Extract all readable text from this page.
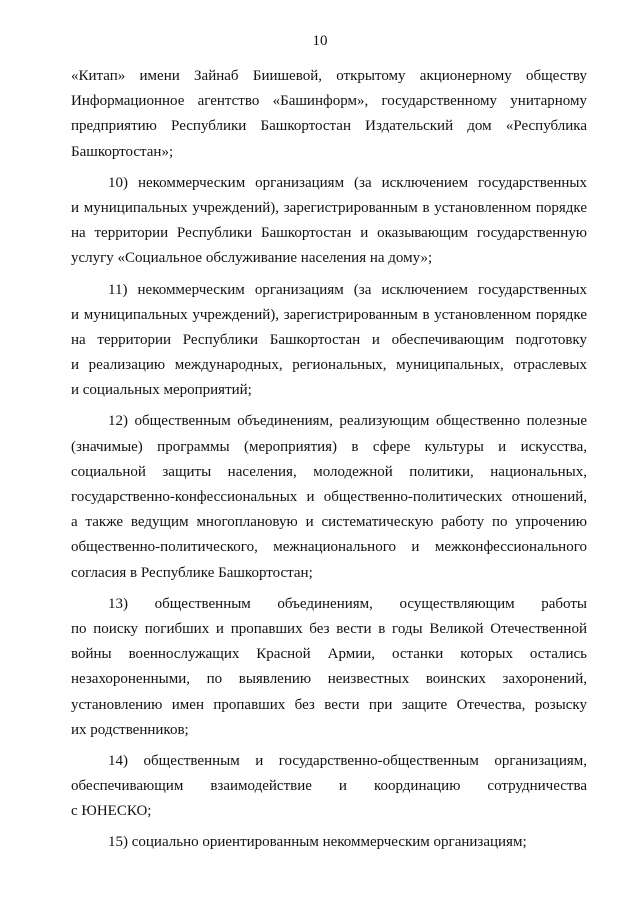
10
«Китап» имени Зайнаб Биишевой, открытому акционерному обществу
Информационное агентство «Башинформ», государственному унитарному
предприятию Республики Башкортостан Издательский дом «Республика
Башкортостан»;
10) некоммерческим организациям (за исключением государственных
и муниципальных учреждений), зарегистрированным в установленном порядке
на территории Республики Башкортостан и оказывающим государственную
услугу «Социальное обслуживание населения на дому»;
11) некоммерческим организациям (за исключением государственных
и муниципальных учреждений), зарегистрированным в установленном порядке
на территории Республики Башкортостан и обеспечивающим подготовку
и реализацию международных, региональных, муниципальных, отраслевых
и социальных мероприятий;
12) общественным объединениям, реализующим общественно полезные
(значимые) программы (мероприятия) в сфере культуры и искусства,
социальной защиты населения, молодежной политики, национальных,
государственно-конфессиональных и общественно-политических отношений,
а также ведущим многоплановую и систематическую работу по упрочению
общественно-политического, межнационального и межконфессионального
согласия в Республике Башкортостан;
13) общественным объединениям, осуществляющим работы
по поиску погибших и пропавших без вести в годы Великой Отечественной
войны военнослужащих Красной Армии, останки которых остались
незахороненными, по выявлению неизвестных воинских захоронений,
установлению имен пропавших без вести при защите Отечества, розыску
их родственников;
14) общественным и государственно-общественным организациям,
обеспечивающим взаимодействие и координацию сотрудничества
с ЮНЕСКО;
15) социально ориентированным некоммерческим организациям;
